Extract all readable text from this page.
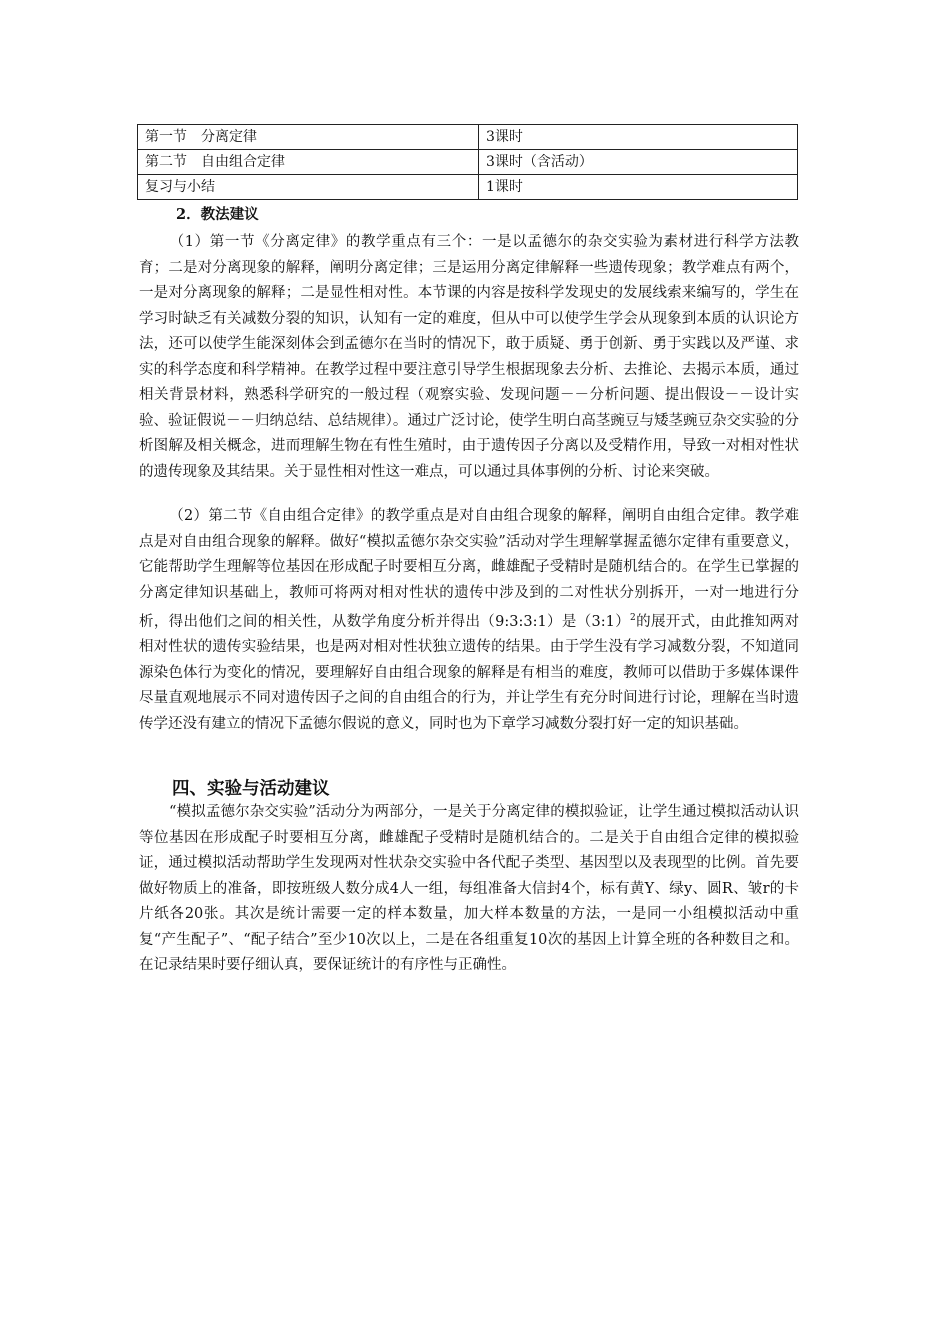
第一节　分离定律	3课时
第二节　自由组合定律	3课时（含活动）
复习与小结	1课时
2．教法建议

（1）第一节《分离定律》的教学重点有三个：一是以孟德尔的杂交实验为素材进行科学方法教育；二是对分离现象的解释，阐明分离定律；三是运用分离定律解释一些遗传现象；教学难点有两个，一是对分离现象的解释；二是显性相对性。本节课的内容是按科学发现史的发展线索来编写的，学生在学习时缺乏有关减数分裂的知识，认知有一定的难度，但从中可以使学生学会从现象到本质的认识论方法，还可以使学生能深刻体会到孟德尔在当时的情况下，敢于质疑、勇于创新、勇于实践以及严谨、求实的科学态度和科学精神。在教学过程中要注意引导学生根据现象去分析、去推论、去揭示本质，通过相关背景材料，熟悉科学研究的一般过程（观察实验、发现问题－－分析问题、提出假设－－设计实验、验证假说－－归纳总结、总结规律）。通过广泛讨论，使学生明白高茎豌豆与矮茎豌豆杂交实验的分析图解及相关概念，进而理解生物在有性生殖时，由于遗传因子分离以及受精作用，导致一对相对性状的遗传现象及其结果。关于显性相对性这一难点，可以通过具体事例的分析、讨论来突破。

（2）第二节《自由组合定律》的教学重点是对自由组合现象的解释，阐明自由组合定律。教学难点是对自由组合现象的解释。做好“模拟孟德尔杂交实验”活动对学生理解掌握孟德尔定律有重要意义，它能帮助学生理解等位基因在形成配子时要相互分离，雌雄配子受精时是随机结合的。在学生已掌握的分离定律知识基础上，教师可将两对相对性状的遗传中涉及到的二对性状分别拆开，一对一地进行分析，得出他们之间的相关性，从数学角度分析并得出（9:3:3:1）是（3:1）$^2$的展开式，由此推知两对相对性状的遗传实验结果，也是两对相对性状独立遗传的结果。由于学生没有学习减数分裂，不知道同源染色体行为变化的情况，要理解好自由组合现象的解释是有相当的难度，教师可以借助于多媒体课件尽量直观地展示不同对遗传因子之间的自由组合的行为，并让学生有充分时间进行讨论，理解在当时遗传学还没有建立的情况下孟德尔假说的意义，同时也为下章学习减数分裂打好一定的知识基础。

四、实验与活动建议

“模拟孟德尔杂交实验”活动分为两部分，一是关于分离定律的模拟验证，让学生通过模拟活动认识等位基因在形成配子时要相互分离，雌雄配子受精时是随机结合的。二是关于自由组合定律的模拟验证，通过模拟活动帮助学生发现两对性状杂交实验中各代配子类型、基因型以及表现型的比例。首先要做好物质上的准备，即按班级人数分成4人一组，每组准备大信封4个，标有黄Y、绿y、圆R、皱r的卡片纸各20张。其次是统计需要一定的样本数量，加大样本数量的方法，一是同一小组模拟活动中重复“产生配子”、“配子结合”至少10次以上，二是在各组重复10次的基因上计算全班的各种数目之和。在记录结果时要仔细认真，要保证统计的有序性与正确性。
